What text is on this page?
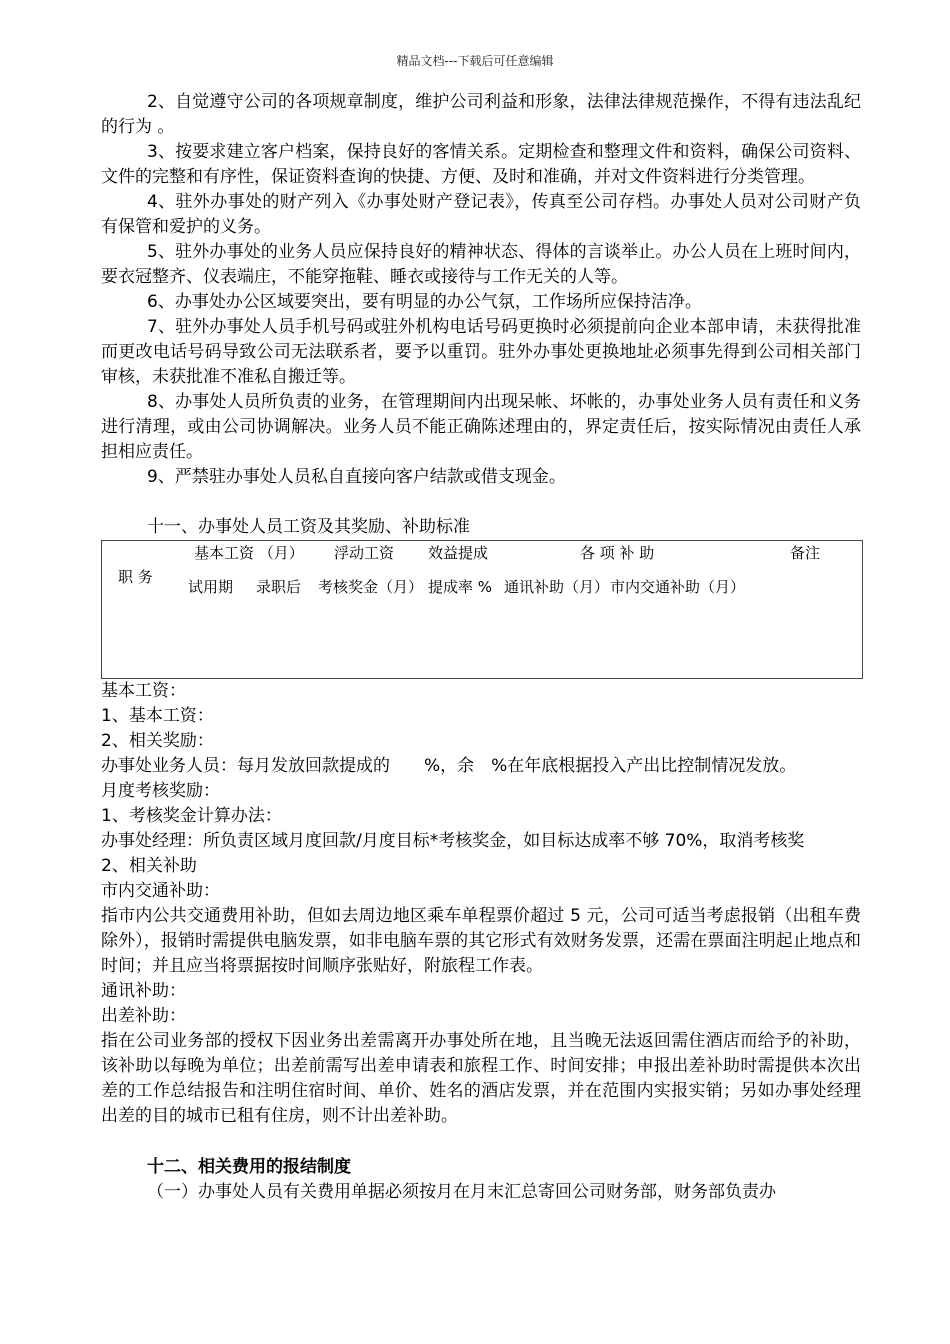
精品文档---下载后可任意编辑

2、自觉遵守公司的各项规章制度，维护公司利益和形象，法律法律规范操作，不得有违法乱纪的行为 。

3、按要求建立客户档案，保持良好的客情关系。定期检查和整理文件和资料，确保公司资料、文件的完整和有序性，保证资料查询的快捷、方便、及时和准确，并对文件资料进行分类管理。

4、驻外办事处的财产列入《办事处财产登记表》，传真至公司存档。办事处人员对公司财产负有保管和爱护的义务。

5、驻外办事处的业务人员应保持良好的精神状态、得体的言谈举止。办公人员在上班时间内，要衣冠整齐、仪表端庄，不能穿拖鞋、睡衣或接待与工作无关的人等。

6、办事处办公区域要突出，要有明显的办公气氛，工作场所应保持洁净。

7、驻外办事处人员手机号码或驻外机构电话号码更换时必须提前向企业本部申请，未获得批准而更改电话号码导致公司无法联系者，要予以重罚。驻外办事处更换地址必须事先得到公司相关部门审核，未获批准不准私自搬迁等。

8、办事处人员所负责的业务，在管理期间内出现呆帐、坏帐的，办事处业务人员有责任和义务进行清理，或由公司协调解决。业务人员不能正确陈述理由的，界定责任后，按实际情况由责任人承担相应责任。

9、严禁驻办事处人员私自直接向客户结款或借支现金。

十一、办事处人员工资及其奖励、补助标准

职 务
基本工资 （月） 浮动工资 效益提成	各 项 补 助	备注
试用期 录职后 考核奖金（月） 提成率 % 通讯补助（月） 市内交通补助（月）

基本工资：

1、基本工资：

2、相关奖励：

办事处业务人员：每月发放回款提成的　　%，余　%在年底根据投入产出比控制情况发放。

月度考核奖励：

1、考核奖金计算办法：

办事处经理：所负责区域月度回款/月度目标*考核奖金，如目标达成率不够 70%，取消考核奖

2、相关补助

市内交通补助：

指市内公共交通费用补助，但如去周边地区乘车单程票价超过 5 元，公司可适当考虑报销（出租车费除外），报销时需提供电脑发票，如非电脑车票的其它形式有效财务发票，还需在票面注明起止地点和时间；并且应当将票据按时间顺序张贴好，附旅程工作表。

通讯补助：

出差补助：

指在公司业务部的授权下因业务出差需离开办事处所在地，且当晚无法返回需住酒店而给予的补助，该补助以每晚为单位；出差前需写出差申请表和旅程工作、时间安排；申报出差补助时需提供本次出差的工作总结报告和注明住宿时间、单价、姓名的酒店发票，并在范围内实报实销；另如办事处经理出差的目的城市已租有住房，则不计出差补助。

十二、相关费用的报结制度

（一）办事处人员有关费用单据必须按月在月末汇总寄回公司财务部，财务部负责办
